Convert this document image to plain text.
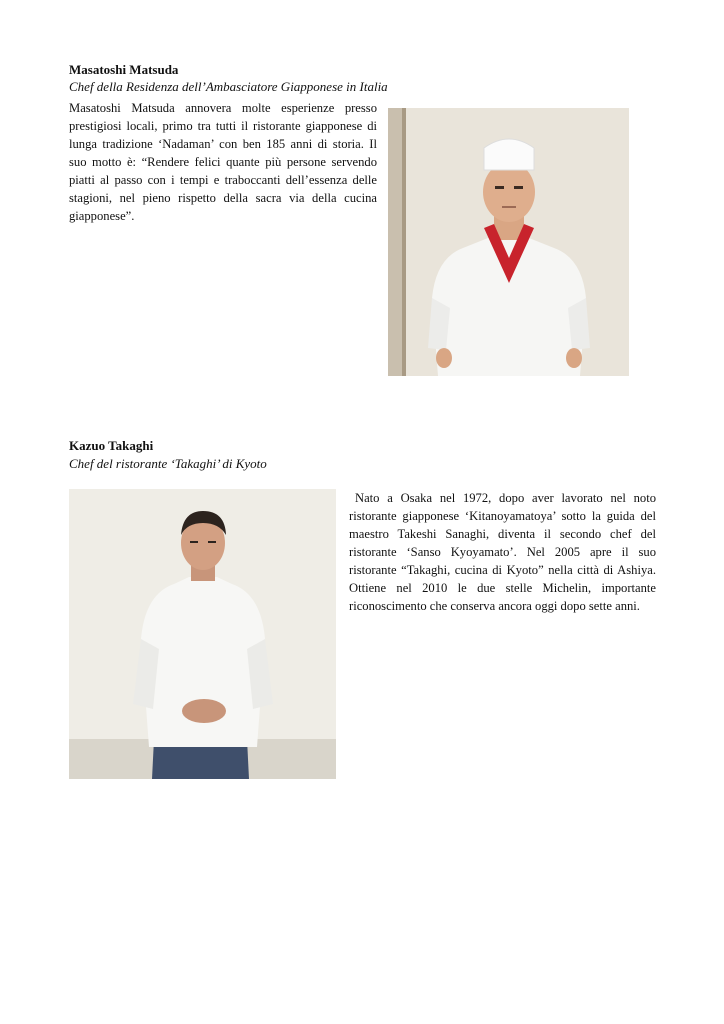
Masatoshi Matsuda
Chef della Residenza dell’Ambasciatore Giapponese in Italia

Masatoshi Matsuda annovera molte esperienze presso prestigiosi locali, primo tra tutti il ristorante giapponese di lunga tradizione ‘Nadaman’ con ben 185 anni di storia. Il suo motto è: “Rendere felici quante più persone servendo piatti al passo con i tempi e traboccanti dell’essenza delle stagioni, nel pieno rispetto della sacra via della cucina giapponese”.

Kazuo Takaghi
Chef del ristorante ‘Takaghi’ di Kyoto

Nato a Osaka nel 1972, dopo aver lavorato nel noto ristorante giapponese ‘Kitanoyamatoya’ sotto la guida del maestro Takeshi Sanaghi, diventa il secondo chef del ristorante ‘Sanso Kyoyamato’. Nel 2005 apre il suo ristorante “Takaghi, cucina di Kyoto” nella città di Ashiya. Ottiene nel 2010 le due stelle Michelin, importante riconoscimento che conserva ancora oggi dopo sette anni.
